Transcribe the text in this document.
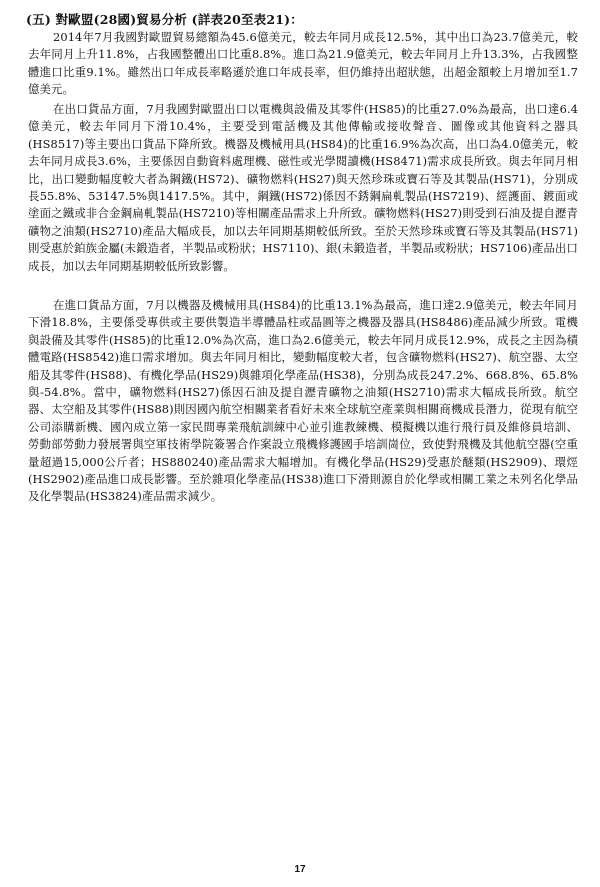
(五) 對歐盟(28國)貿易分析 (詳表20至表21)：

2014年7月我國對歐盟貿易總額為45.6億美元，較去年同月成長12.5%，其中出口為23.7億美元，較去年同月上升11.8%，占我國整體出口比重8.8%。進口為21.9億美元，較去年同月上升13.3%，占我國整體進口比重9.1%。雖然出口年成長率略遜於進口年成長率，但仍維持出超狀態，出超金額較上月增加至1.7億美元。

在出口貨品方面，7月我國對歐盟出口以電機與設備及其零件(HS85)的比重27.0%為最高，出口達6.4億美元，較去年同月下滑10.4%，主要受到電話機及其他傳輸或接收聲音、圖像或其他資料之器具(HS8517)等主要出口貨品下降所致。機器及機械用具(HS84)的比重16.9%為次高，出口為4.0億美元，較去年同月成長3.6%，主要係因自動資料處理機、磁性或光學閱讀機(HS8471)需求成長所致。與去年同月相比，出口變動幅度較大者為鋼鐵(HS72)、礦物燃料(HS27)與天然珍珠或寶石等及其製品(HS71)，分別成長55.8%、53147.5%與1417.5%。其中，鋼鐵(HS72)係因不銹鋼扁軋製品(HS7219)、經護面、鍍面或塗面之鐵或非合金鋼扁軋製品(HS7210)等相關產品需求上升所致。礦物燃料(HS27)則受到石油及提自瀝青礦物之油類(HS2710)產品大幅成長，加以去年同期基期較低所致。至於天然珍珠或寶石等及其製品(HS71)則受惠於鉑族金屬(未鍛造者，半製品或粉狀；HS7110)、銀(未鍛造者，半製品或粉狀；HS7106)產品出口成長，加以去年同期基期較低所致影響。

在進口貨品方面，7月以機器及機械用具(HS84)的比重13.1%為最高，進口達2.9億美元，較去年同月下滑18.8%，主要係受專供或主要供製造半導體晶柱或晶圓等之機器及器具(HS8486)產品減少所致。電機與設備及其零件(HS85)的比重12.0%為次高，進口為2.6億美元，較去年同月成長12.9%，成長之主因為積體電路(HS8542)進口需求增加。與去年同月相比，變動幅度較大者，包含礦物燃料(HS27)、航空器、太空船及其零件(HS88)、有機化學品(HS29)與雜項化學產品(HS38)，分別為成長247.2%、668.8%、65.8%與-54.8%。當中，礦物燃料(HS27)係因石油及提自瀝青礦物之油類(HS2710)需求大幅成長所致。航空器、太空船及其零件(HS88)則因國內航空相關業者看好未來全球航空產業與相關商機成長潛力，從現有航空公司添購新機、國內成立第一家民間專業飛航訓練中心並引進教練機、模擬機以進行飛行員及維修員培訓、勞動部勞動力發展署與空軍技術學院簽署合作案設立飛機修護國手培訓崗位，致使對飛機及其他航空器(空重量超過15,000公斤者；HS880240)產品需求大幅增加。有機化學品(HS29)受惠於醚類(HS2909)、環烴(HS2902)產品進口成長影響。至於雜項化學產品(HS38)進口下滑則源自於化學或相關工業之未列名化學品及化學製品(HS3824)產品需求減少。

17
